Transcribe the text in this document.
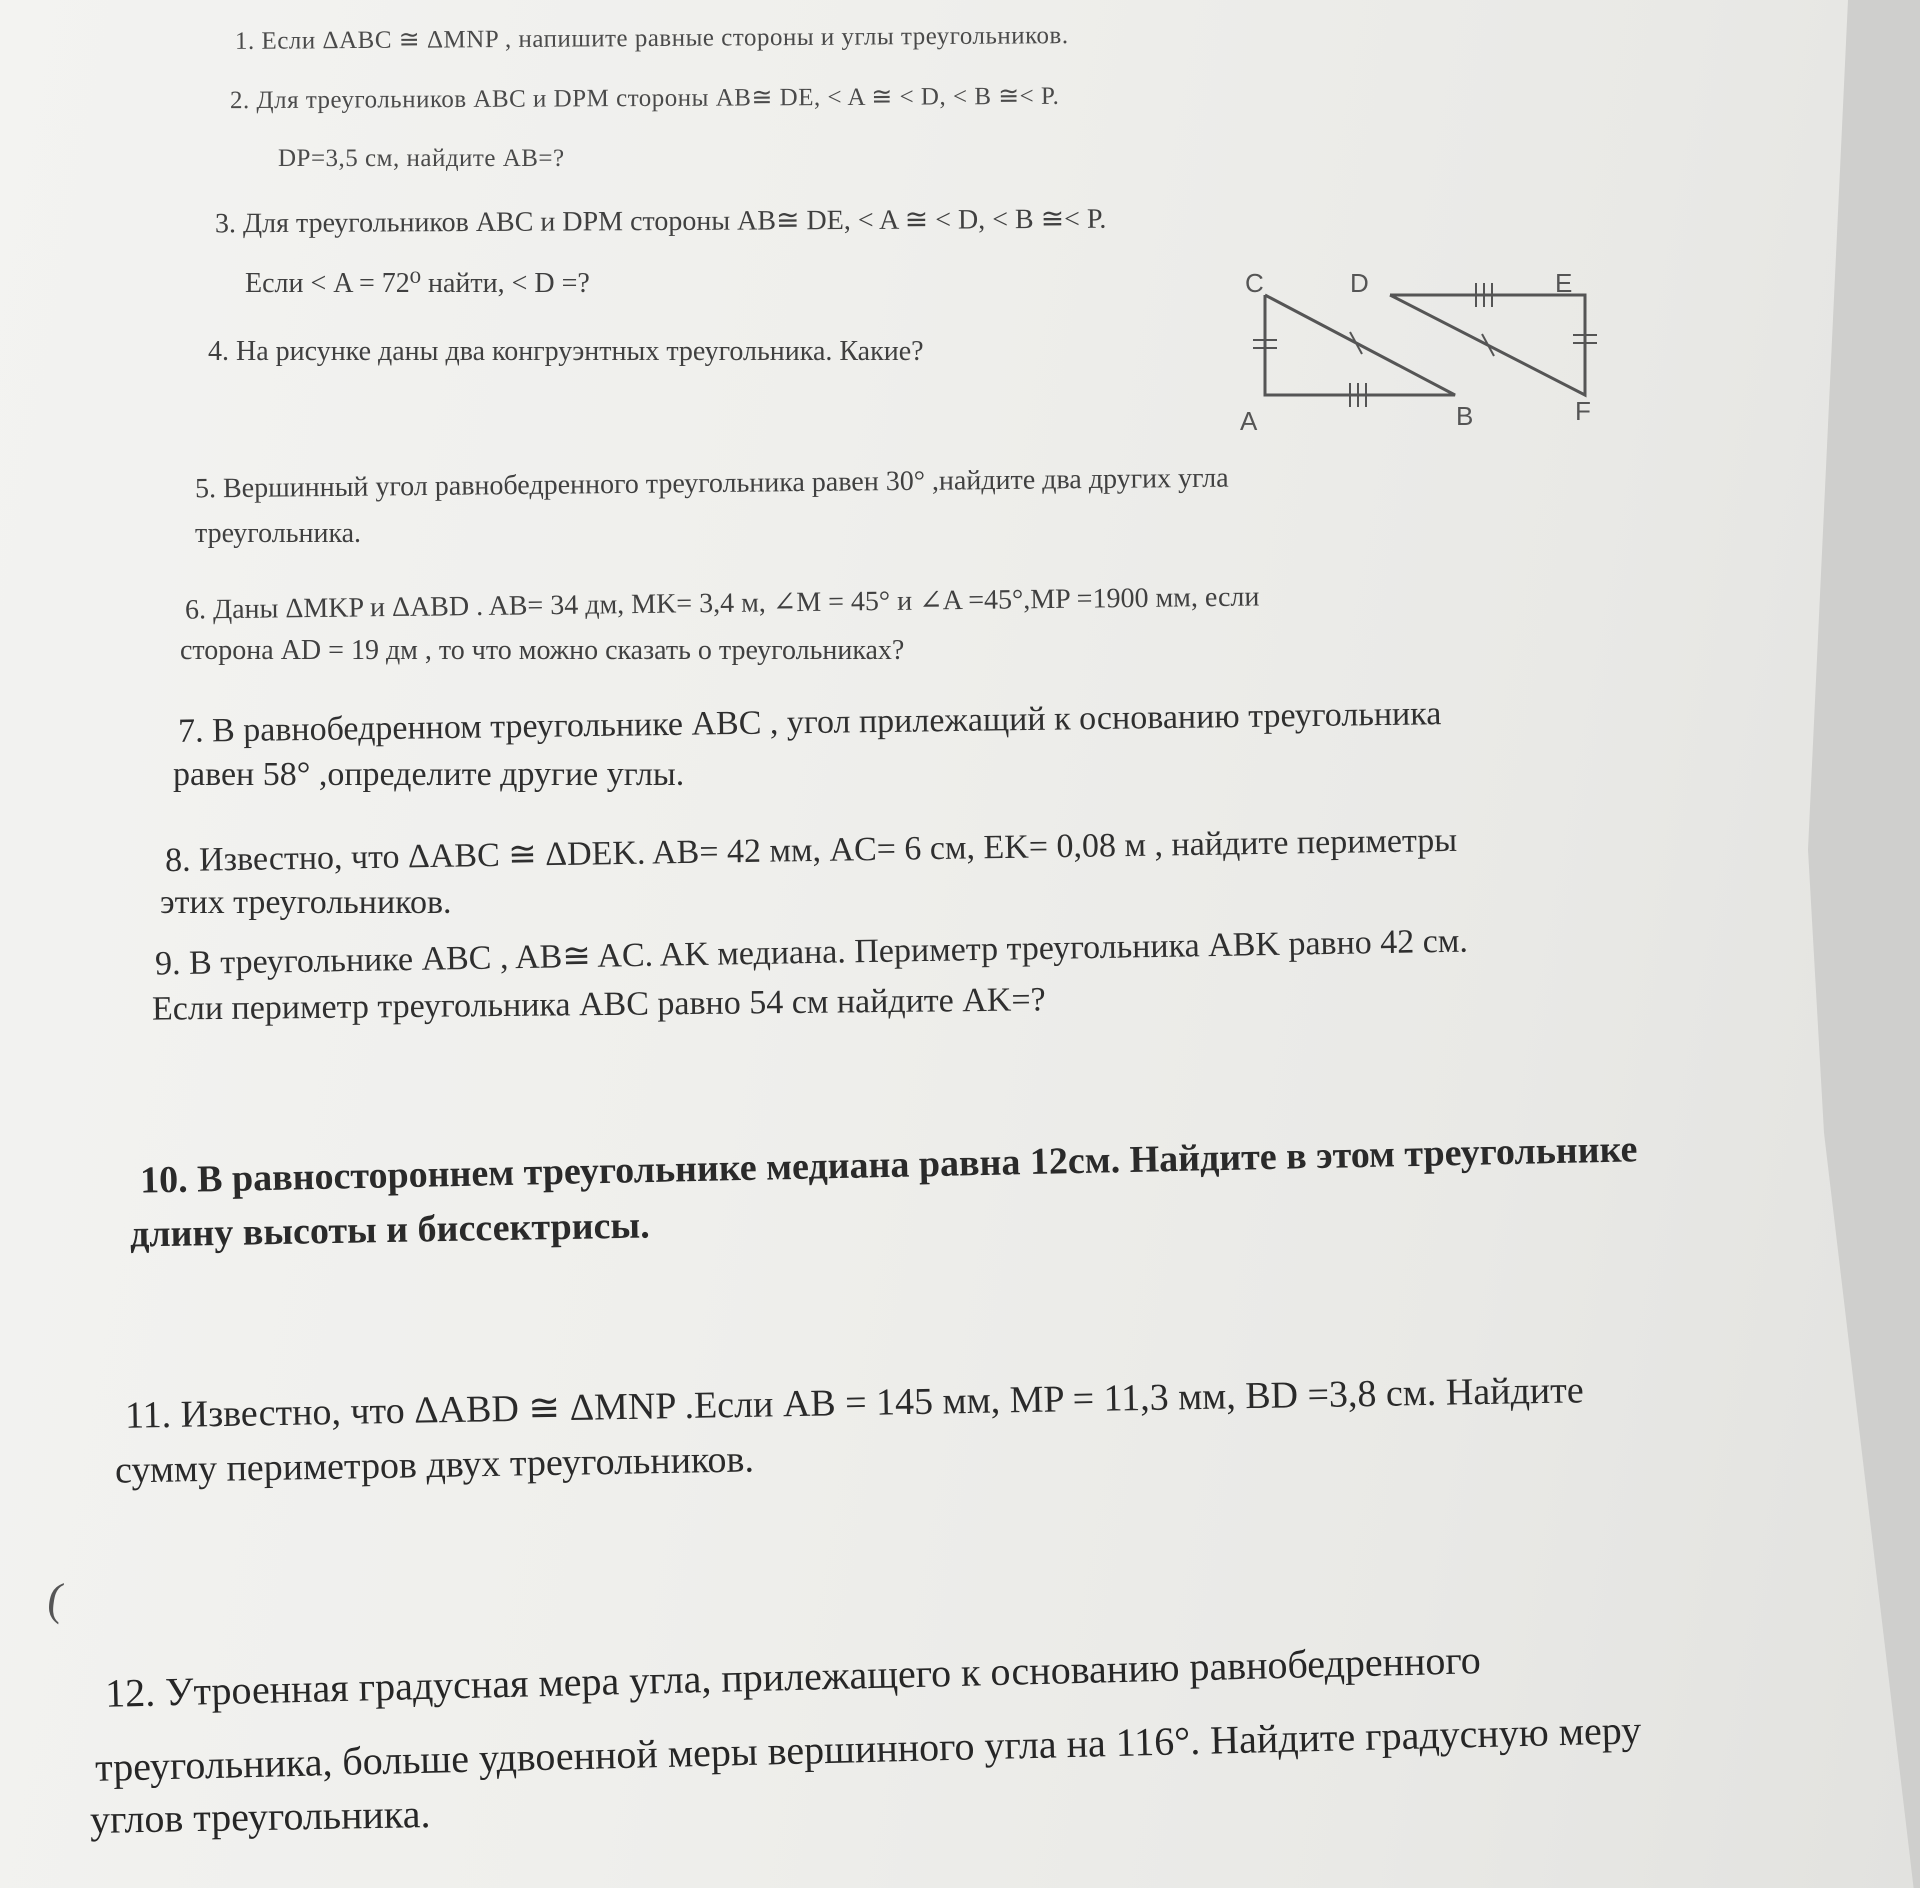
1. Если ΔABC ≅ ΔMNP , напишите равные стороны и углы треугольников.

2. Для треугольников ABC и DPM стороны AB≅ DE, < A ≅ < D, < B ≅< P.

DP=3,5 см, найдите AB=?

3. Для треугольников ABC и DPM стороны AB≅ DE, < A ≅ < D, < B ≅< P.

Если < A = 72⁰ найти, < D =?

4. На рисунке даны два конгруэнтных треугольника. Какие?

C	D	E
A	B	F

5. Вершинный угол равнобедренного треугольника равен 30° ,найдите два других угла

треугольника.

6. Даны ΔMKP и ΔABD . AB= 34 дм, MK= 3,4 м, ∠M = 45° и ∠A =45°,MP =1900 мм, если

сторона AD = 19 дм , то что можно сказать о треугольниках?

7. В равнобедренном треугольнике ABC , угол прилежащий к основанию треугольника

равен 58° ,определите другие углы.

8. Известно, что ΔABC ≅ ΔDEK. AB= 42 мм, AC= 6 см, EK= 0,08 м , найдите периметры

этих треугольников.

9. В треугольнике ABC , AB≅ AC. AK медиана. Периметр треугольника ABK равно 42 см.

Если периметр треугольника ABC равно 54 см найдите AK=?

10. В равностороннем треугольнике медиана равна 12см. Найдите в этом треугольнике

длину высоты и биссектрисы.

11. Известно, что ΔABD ≅ ΔMNP .Если AB = 145 мм, MP = 11,3 мм, BD =3,8 см. Найдите

сумму периметров двух треугольников.

(

12. Утроенная градусная мера угла, прилежащего к основанию равнобедренного

треугольника, больше удвоенной меры вершинного угла на 116°. Найдите градусную меру

углов треугольника.
